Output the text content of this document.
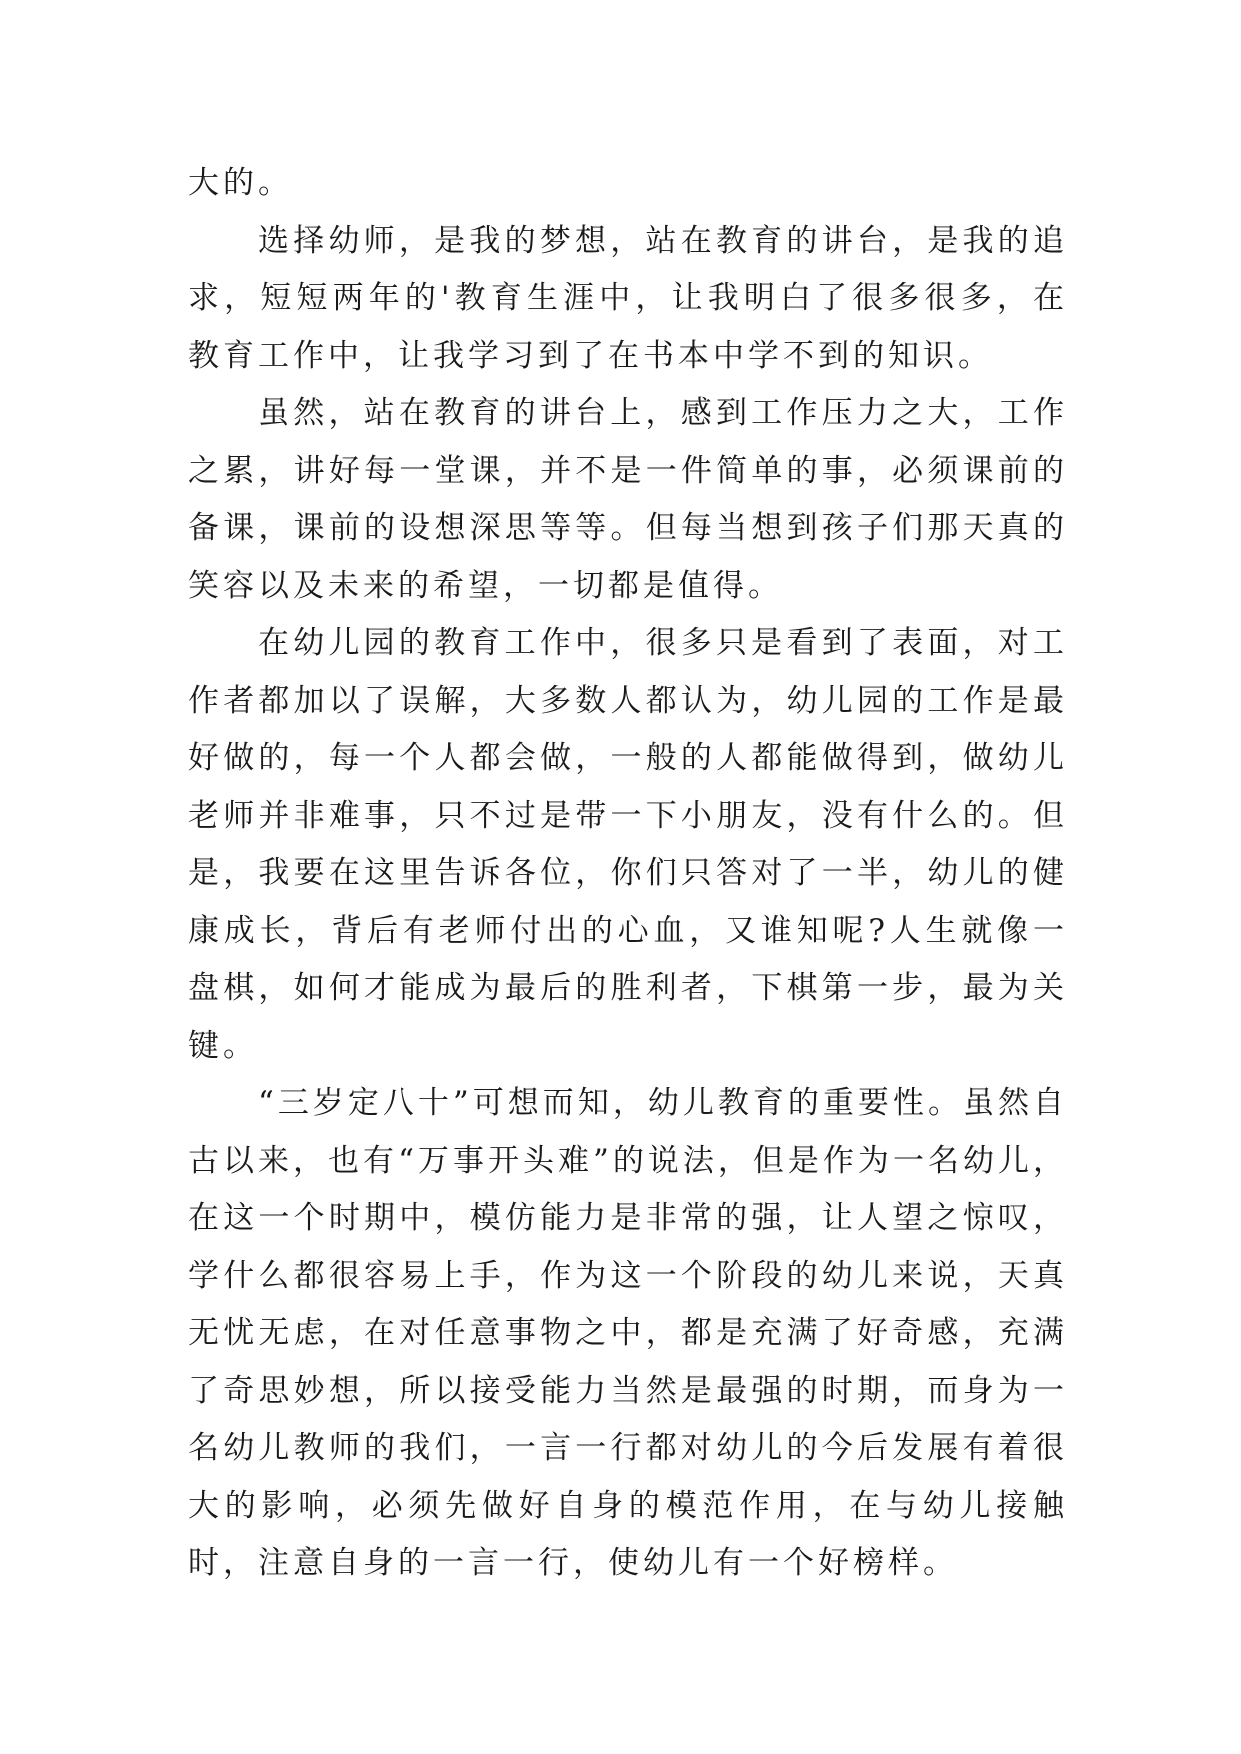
大的。

选择幼师，是我的梦想，站在教育的讲台，是我的追求，短短两年的'教育生涯中，让我明白了很多很多，在教育工作中，让我学习到了在书本中学不到的知识。

虽然，站在教育的讲台上，感到工作压力之大，工作之累，讲好每一堂课，并不是一件简单的事，必须课前的备课，课前的设想深思等等。但每当想到孩子们那天真的笑容以及未来的希望，一切都是值得。

在幼儿园的教育工作中，很多只是看到了表面，对工作者都加以了误解，大多数人都认为，幼儿园的工作是最好做的，每一个人都会做，一般的人都能做得到，做幼儿老师并非难事，只不过是带一下小朋友，没有什么的。但是，我要在这里告诉各位，你们只答对了一半，幼儿的健康成长，背后有老师付出的心血，又谁知呢?人生就像一盘棋，如何才能成为最后的胜利者，下棋第一步，最为关键。

“三岁定八十”可想而知，幼儿教育的重要性。虽然自古以来，也有“万事开头难”的说法，但是作为一名幼儿，在这一个时期中，模仿能力是非常的强，让人望之惊叹，学什么都很容易上手，作为这一个阶段的幼儿来说，天真无忧无虑，在对任意事物之中，都是充满了好奇感，充满了奇思妙想，所以接受能力当然是最强的时期，而身为一名幼儿教师的我们，一言一行都对幼儿的今后发展有着很大的影响，必须先做好自身的模范作用，在与幼儿接触时，注意自身的一言一行，使幼儿有一个好榜样。
